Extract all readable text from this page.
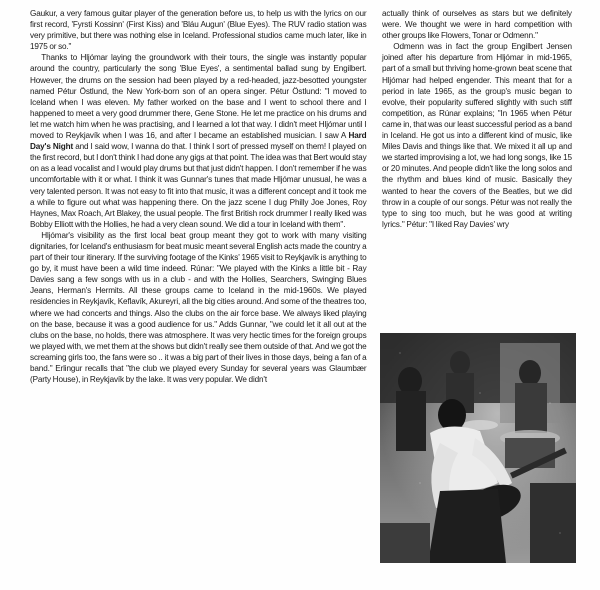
Gaukur, a very famous guitar player of the generation before us, to help us with the lyrics on our first record, 'Fyrsti Kossinn' (First Kiss) and 'Bláu Augun' (Blue Eyes). The RUV radio station was very primitive, but there was nothing else in Iceland. Professional studios came much later, like in 1975 or so."

Thanks to Hljómar laying the groundwork with their tours, the single was instantly popular around the country, particularly the song 'Blue Eyes', a sentimental ballad sung by Engilbert. However, the drums on the session had been played by a red-headed, jazz-besotted youngster named Pétur Östlund, the New York-born son of an opera singer. Pétur Östlund: "I moved to Iceland when I was eleven. My father worked on the base and I went to school there and I happened to meet a very good drummer there, Gene Stone. He let me practice on his drums and let me watch him when he was practising, and I learned a lot that way. I didn't meet Hljómar until I moved to Reykjavík when I was 16, and after I became an established musician. I saw A Hard Day's Night and I said wow, I wanna do that. I think I sort of pressed myself on them! I played on the first record, but I don't think I had done any gigs at that point. The idea was that Bert would stay on as a lead vocalist and I would play drums but that just didn't happen. I don't remember if he was uncomfortable with it or what. I think it was Gunnar's tunes that made Hljómar unusual, he was a very talented person. It was not easy to fit into that music, it was a different concept and it took me a while to figure out what was happening there. On the jazz scene I dug Philly Joe Jones, Roy Haynes, Max Roach, Art Blakey, the usual people. The first British rock drummer I really liked was Bobby Elliott with the Hollies, he had a very clean sound. We did a tour in Iceland with them".

Hljómar's visibility as the first local beat group meant they got to work with many visiting dignitaries, for Iceland's enthusiasm for beat music meant several English acts made the country a part of their tour itinerary. If the surviving footage of the Kinks' 1965 visit to Reykjavík is anything to go by, it must have been a wild time indeed. Rúnar: "We played with the Kinks a little bit - Ray Davies sang a few songs with us in a club - and with the Hollies, Searchers, Swinging Blues Jeans, Herman's Hermits. All these groups came to Iceland in the mid-1960s. We played residencies in Reykjavík, Keflavík, Akureyri, all the big cities around. And some of the theatres too, where we had concerts and things. Also the clubs on the air force base. We always liked playing on the base, because it was a good audience for us." Adds Gunnar, "we could let it all out at the clubs on the base, no holds, there was atmosphere. It was very hectic times for the foreign groups we played with, we met them at the shows but didn't really see them outside of that. And we got the screaming girls too, the fans were so .. it was a big part of their lives in those days, being a fan of a band." Erlingur recalls that "the club we played every Sunday for several years was Glaumbær (Party House), in Reykjavík by the lake. It was very popular. We didn't

actually think of ourselves as stars but we definitely were. We thought we were in hard competition with other groups like Flowers, Tonar or Odmenn."

Odmenn was in fact the group Engilbert Jensen joined after his departure from Hljómar in mid-1965, part of a small but thriving home-grown beat scene that Hljómar had helped engender. This meant that for a period in late 1965, as the group's music began to evolve, their popularity suffered slightly with such stiff competition, as Rúnar explains; "In 1965 when Pétur came in, that was our least successful period as a band in Iceland. He got us into a different kind of music, like Miles Davis and things like that. We mixed it all up and we started improvising a lot, we had long songs, like 15 or 20 minutes. And people didn't like the long solos and the rhythm and blues kind of music. Basically they wanted to hear the covers of the Beatles, but we did throw in a couple of our songs. Pétur was not really the type to sing too much, but he was good at writing lyrics." Pétur: "I liked Ray Davies' wry
